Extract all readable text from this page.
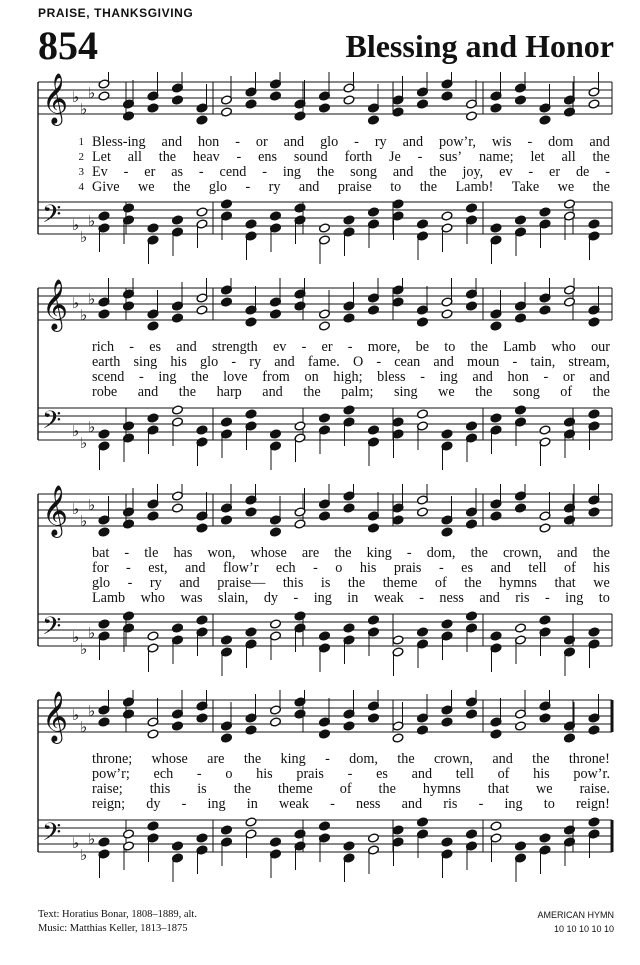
PRAISE, THANKSGIVING
854	Blessing and Honor
𝄞 ♭
♭
♭
𝄢 ♭
♭
♭
1 Bless-ing and hon - or and glo - ry and pow’r, wis - dom and
2 Let all the heav - ens sound forth Je - sus’ name; let all the
3 Ev - er as - cend - ing the song and the joy, ev - er de -
4 Give we the glo - ry and praise to the Lamb! Take we the
𝄞 ♭
♭
♭
𝄢 ♭
♭
♭
rich - es and strength ev - er - more, be to the Lamb who our
earth sing his glo - ry and fame. O - cean and moun - tain, stream,
scend - ing the love from on high; bless - ing and hon - or and
robe and the harp and the palm; sing we the song of the
𝄞 ♭
♭
♭
𝄢 ♭
♭
♭
bat - tle has won, whose are the king - dom, the crown, and the
for - est, and flow’r ech - o his prais - es and tell of his
glo - ry and praise— this is the theme of the hymns that we
Lamb who was slain, dy - ing in weak - ness and ris - ing to
𝄞 ♭
♭
♭
𝄢 ♭
♭
♭
throne; whose are the king - dom, the crown, and the throne!
pow’r; ech - o his prais - es and tell of his pow’r.
raise; this is the theme of the hymns that we raise.
reign; dy - ing in weak - ness and ris - ing to reign!
Text: Horatius Bonar, 1808–1889, alt.
Music: Matthias Keller, 1813–1875
AMERICAN HYMN
10 10 10 10 10
